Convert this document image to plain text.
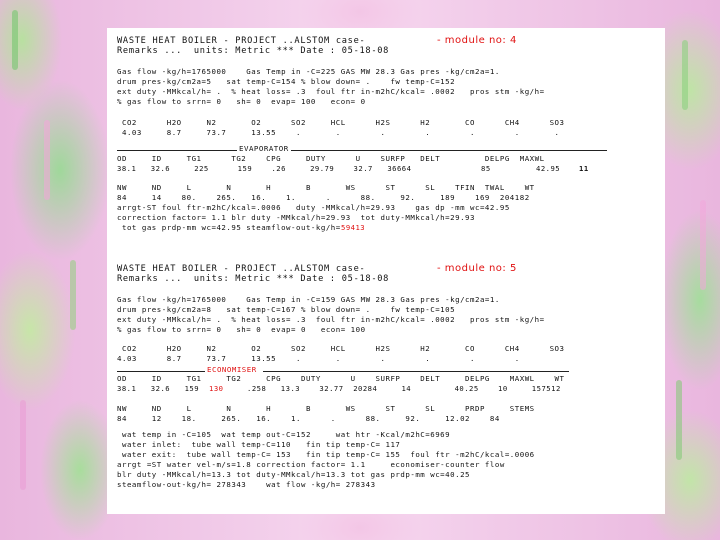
WASTE HEAT BOILER - PROJECT ..ALSTOM case-	- module no: 4
Remarks ...  units: Metric *** Date : 05-18-08
Gas flow -kg/h=1765000    Gas Temp in -C=225 GAS MW 28.3 Gas pres -kg/cm2a=1.
drum pres-kg/cm2a=5   sat temp-C=154 % blow down= .    fw temp-C=152
ext duty -MMkcal/h= .  % heat loss= .3  foul ftr in-m2hC/kcal= .0002   pros stm -kg/h=
% gas flow to srrn= 0   sh= 0  evap= 100   econ= 0
CO2      H2O     N2       O2      SO2     HCL      H2S      H2       CO      CH4      SO3
4.03     8.7     73.7     13.55    .       .        .        .        .        .       .
EVAPORATOR
OD     ID     TG1      TG2    CPG     DUTY      U    SURFP   DELT         DELPG  MAXWL
38.1   32.6     225      159    .26     29.79    32.7   36664	85	42.95	11
NW     ND     L       N       H       B       WS      ST      SL    TFIN  TWAL    WT
84     14    80.    265.   16.    1.      .      88.     92.     189    169  204182
arrgt-ST foul ftr-m2hC/kcal=.0006   duty -MMkcal/h=29.93    gas dp -mm wc=42.95
correction factor= 1.1 blr duty -MMkcal/h=29.93  tot duty-MMkcal/h=29.93
tot gas prdp-mm wc=42.95 steamflow-out-kg/h=
59413
WASTE HEAT BOILER - PROJECT ..ALSTOM case-	- module no: 5
Remarks ...  units: Metric *** Date : 05-18-08
Gas flow -kg/h=1765000    Gas Temp in -C=159 GAS MW 28.3 Gas pres -kg/cm2a=1.
drum pres-kg/cm2a=8   sat temp-C=167 % blow down= .    fw temp-C=105
ext duty -MMkcal/h= .  % heat loss= .3  foul ftr in-m2hC/kcal= .0002   pros stm -kg/h=
% gas flow to srrn= 0   sh= 0  evap= 0   econ= 100
CO2      H2O     N2       O2      SO2     HCL      H2S      H2       CO      CH4      SO3
4.03      8.7     73.7     13.55    .       .        .        .        .        .
ECONOMISER
OD     ID     TG1     TG2     CPG    DUTY      U    SURFP    DELT     DELPG    MAXWL    WT
38.1   32.6   159 130	.258   13.3    32.77  20284     14         40.25    10     157512
NW     ND     L       N       H       B       WS      ST      SL      PRDP     STEMS
84     12    18.     265.   16.    1.      .      88.     92.     12.02    84
wat temp in -C=105  wat temp out-C=152     wat htr -Kcal/m2hC=6969
water inlet:  tube wall temp-C=110   fin tip temp-C= 117
water exit:  tube wall temp-C= 153   fin tip temp-C= 155  foul ftr -m2hC/kcal=.0006
arrgt =ST water vel-m/s=1.8 correction factor= 1.1     economiser-counter flow
blr duty -MMkcal/h=13.3 tot duty-MMkcal/h=13.3 tot gas prdp-mm wc=40.25
steamflow-out-kg/h= 278343    wat flow -kg/h= 278343
